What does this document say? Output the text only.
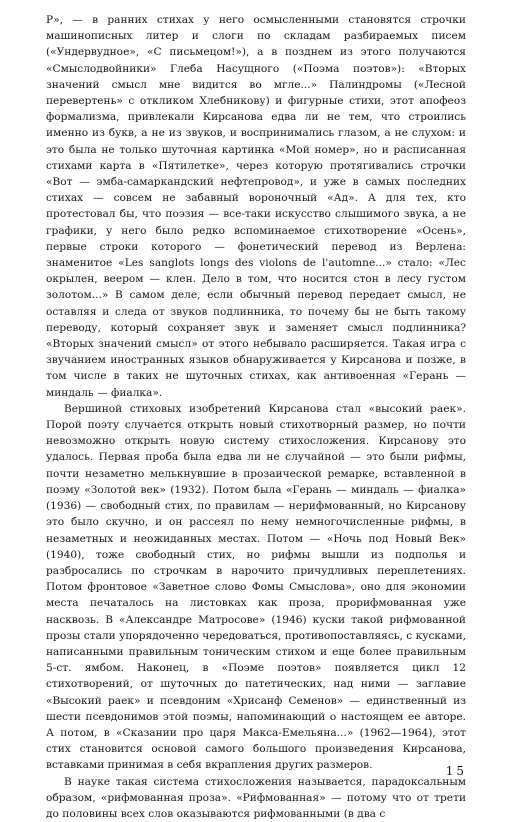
Р», — в ранних стихах у него осмысленными становятся строчки машинописных литер и слоги по складам разбираемых писем («Ундервудное», «С письмецом!»), а в позднем из этого получаются «Смыслодвойники» Глеба Насущного («Поэма поэтов»): «Вторых значений смысл мне видится во мгле...» Палиндромы («Лесной перевертень» с откликом Хлебникову) и фигурные стихи, этот апофеоз формализма, привлекали Кирсанова едва ли не тем, что строились именно из букв, а не из звуков, и воспринимались глазом, а не слухом: и это была не только шуточная картинка «Мой номер», но и расписанная стихами карта в «Пятилетке», через которую протягивались строчки «Вот — эмба-самаркандский нефтепровод», и уже в самых последних стихах — совсем не забавный вороночный «Ад». А для тех, кто протестовал бы, что поэзия — все-таки искусство слышимого звука, а не графики, у него было редко вспоминаемое стихотворение «Осень», первые строки которого — фонетический перевод из Верлена: знаменитое «Les sanglots longs des violons de l'automne...» стало: «Лес окрылен, веером — клен. Дело в том, что носится стон в лесу густом золотом...» В самом деле, если обычный перевод передает смысл, не оставляя и следа от звуков подлинника, то почему бы не быть такому переводу, который сохраняет звук и заменяет смысл подлинника? «Вторых значений смысл» от этого небывало расширяется. Такая игра с звучанием иностранных языков обнаруживается у Кирсанова и позже, в том числе в таких не шуточных стихах, как антивоенная «Герань — миндаль — фиалка».

Вершиной стиховых изобретений Кирсанова стал «высокий раек». Порой поэту случается открыть новый стихотворный размер, но почти невозможно открыть новую систему стихосложения. Кирсанову это удалось. Первая проба была едва ли не случайной — это были рифмы, почти незаметно мелькнувшие в прозаической ремарке, вставленной в поэму «Золотой век» (1932). Потом была «Герань — миндаль — фиалка» (1936) — свободный стих, по правилам — нерифмованный, но Кирсанову это было скучно, и он рассеял по нему немногочисленные рифмы, в незаметных и неожиданных местах. Потом — «Ночь под Новый Век» (1940), тоже свободный стих, но рифмы вышли из подполья и разбросались по строчкам в нарочито причудливых переплетениях. Потом фронтовое «Заветное слово Фомы Смыслова», оно для экономии места печаталось на листовках как проза, прорифмованная уже насквозь. В «Александре Матросове» (1946) куски такой рифмованной прозы стали упорядоченно чередоваться, противопоставляясь, с кусками, написанными правильным тоническим стихом и еще более правильным 5-ст. ямбом. Наконец, в «Поэме поэтов» появляется цикл 12 стихотворений, от шуточных до патетических, над ними — заглавие «Высокий раек» и псевдоним «Хрисанф Семенов» — единственный из шести псевдонимов этой поэмы, напоминающий о настоящем ее авторе. А потом, в «Сказании про царя Макса-Емельяна...» (1962—1964), этот стих становится основой самого большого произведения Кирсанова, вставками принимая в себя вкрапления других размеров.

В науке такая система стихосложения называется, парадоксальным образом, «рифмованная проза». «Рифмованная» — потому что от трети до половины всех слов оказываются рифмованными (в два с

15
